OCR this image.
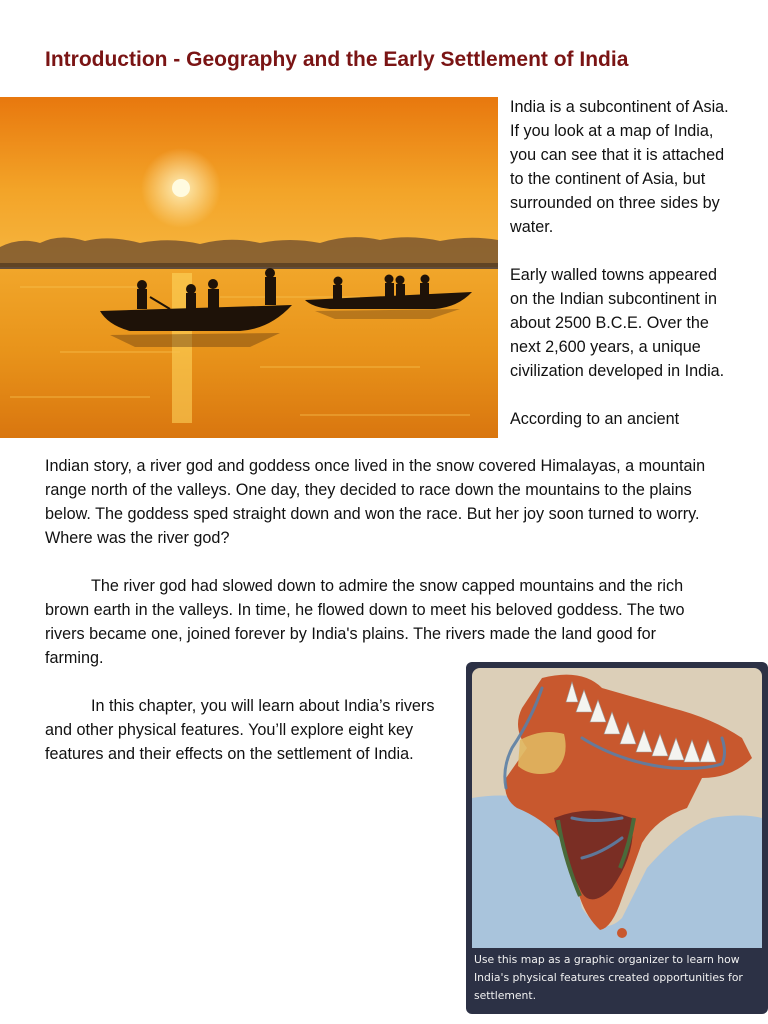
Introduction - Geography and the Early Settlement of India

India is a subcontinent of Asia. If you look at a map of India, you can see that it is attached to the continent of Asia, but surrounded on three sides by water.

Early walled towns appeared on the Indian subcontinent in about 2500 B.C.E. Over the next 2,600 years, a unique civilization developed in India.

According to an ancient

Indian story, a river god and goddess once lived in the snow covered Himalayas, a mountain range north of the valleys. One day, they decided to race down the mountains to the plains below. The goddess sped straight down and won the race. But her joy soon turned to worry. Where was the river god?

The river god had slowed down to admire the snow capped mountains and the rich brown earth in the valleys. In time, he flowed down to meet his beloved goddess. The two rivers became one, joined forever by India's plains. The rivers made the land good for farming.

In this chapter, you will learn about India’s rivers and other physical features. You’ll explore eight key features and their effects on the settlement of India.

Use this map as a graphic organizer to learn how India's physical features created opportunities for settlement.
